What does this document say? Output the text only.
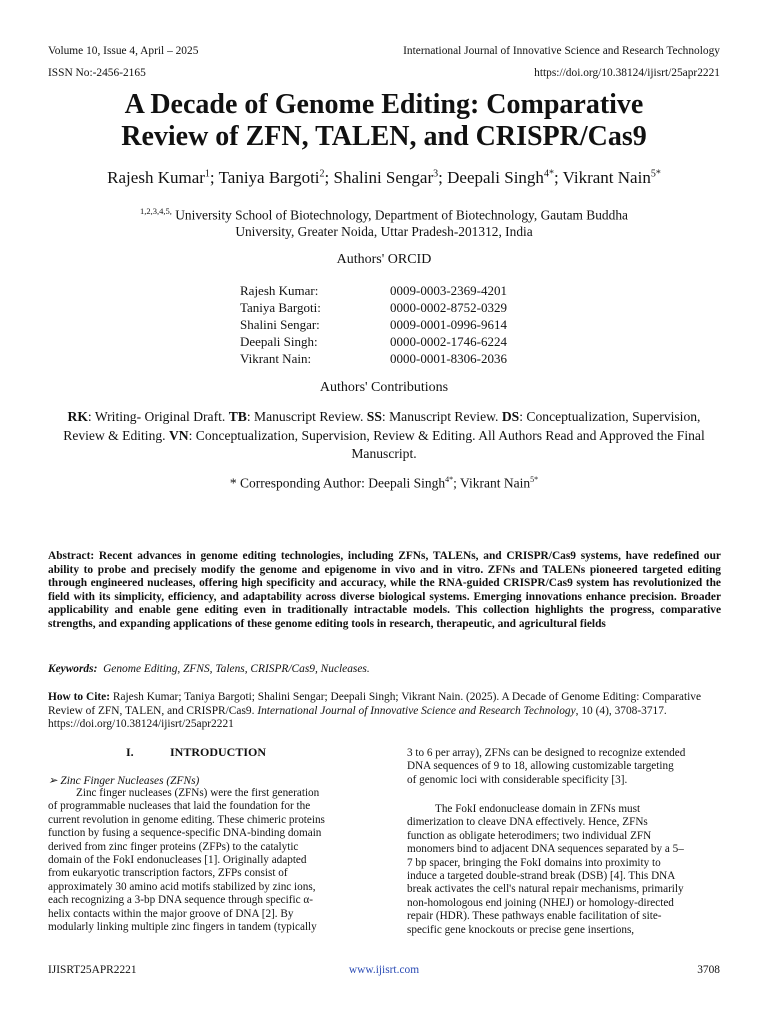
Volume 10, Issue 4, April – 2025
ISSN No:-2456-2165
International Journal of Innovative Science and Research Technology
https://doi.org/10.38124/ijisrt/25apr2221
A Decade of Genome Editing: Comparative
Review of ZFN, TALEN, and CRISPR/Cas9
Rajesh Kumar$^1$; Taniya Bargoti$^2$; Shalini Sengar$^3$; Deepali Singh$^{4*}$; Vikrant Nain$^{5*}$
$^{1,2,3,4,5,}$ University School of Biotechnology, Department of Biotechnology, Gautam Buddha
University, Greater Noida, Uttar Pradesh-201312, India
Authors' ORCID
Rajesh Kumar:	0009-0003-2369-4201
Taniya Bargoti:	0000-0002-8752-0329
Shalini Sengar:	0009-0001-0996-9614
Deepali Singh:	0000-0002-1746-6224
Vikrant Nain:	0000-0001-8306-2036
Authors' Contributions
RK: Writing- Original Draft. TB: Manuscript Review. SS: Manuscript Review. DS: Conceptualization, Supervision, Review & Editing. VN: Conceptualization, Supervision, Review & Editing. All Authors Read and Approved the Final Manuscript.
* Corresponding Author: Deepali Singh$^{4*}$; Vikrant Nain$^{5*}$
Abstract: Recent advances in genome editing technologies, including ZFNs, TALENs, and CRISPR/Cas9 systems, have redefined our ability to probe and precisely modify the genome and epigenome in vivo and in vitro. ZFNs and TALENs pioneered targeted editing through engineered nucleases, offering high specificity and accuracy, while the RNA-guided CRISPR/Cas9 system has revolutionized the field with its simplicity, efficiency, and adaptability across diverse biological systems. Emerging innovations enhance precision. Broader applicability and enable gene editing even in traditionally intractable models. This collection highlights the progress, comparative strengths, and expanding applications of these genome editing tools in research, therapeutic, and agricultural fields
Keywords: Genome Editing, ZFNS, Talens, CRISPR/Cas9, Nucleases.
How to Cite: Rajesh Kumar; Taniya Bargoti; Shalini Sengar; Deepali Singh; Vikrant Nain. (2025). A Decade of Genome Editing: Comparative Review of ZFN, TALEN, and CRISPR/Cas9. International Journal of Innovative Science and Research Technology, 10 (4), 3708-3717. https://doi.org/10.38124/ijisrt/25apr2221
I.	INTRODUCTION
➢ Zinc Finger Nucleases (ZFNs)
Zinc finger nucleases (ZFNs) were the first generation
of programmable nucleases that laid the foundation for the
current revolution in genome editing. These chimeric proteins
function by fusing a sequence-specific DNA-binding domain
derived from zinc finger proteins (ZFPs) to the catalytic
domain of the FokI endonucleases [1]. Originally adapted
from eukaryotic transcription factors, ZFPs consist of
approximately 30 amino acid motifs stabilized by zinc ions,
each recognizing a 3-bp DNA sequence through specific α-
helix contacts within the major groove of DNA [2]. By
modularly linking multiple zinc fingers in tandem (typically
3 to 6 per array), ZFNs can be designed to recognize extended
DNA sequences of 9 to 18, allowing customizable targeting
of genomic loci with considerable specificity [3].
The FokI endonuclease domain in ZFNs must
dimerization to cleave DNA effectively. Hence, ZFNs
function as obligate heterodimers; two individual ZFN
monomers bind to adjacent DNA sequences separated by a 5–
7 bp spacer, bringing the FokI domains into proximity to
induce a targeted double-strand break (DSB) [4]. This DNA
break activates the cell's natural repair mechanisms, primarily
non-homologous end joining (NHEJ) or homology-directed
repair (HDR). These pathways enable facilitation of site-
specific gene knockouts or precise gene insertions,
IJISRT25APR2221	www.ijisrt.com	3708
